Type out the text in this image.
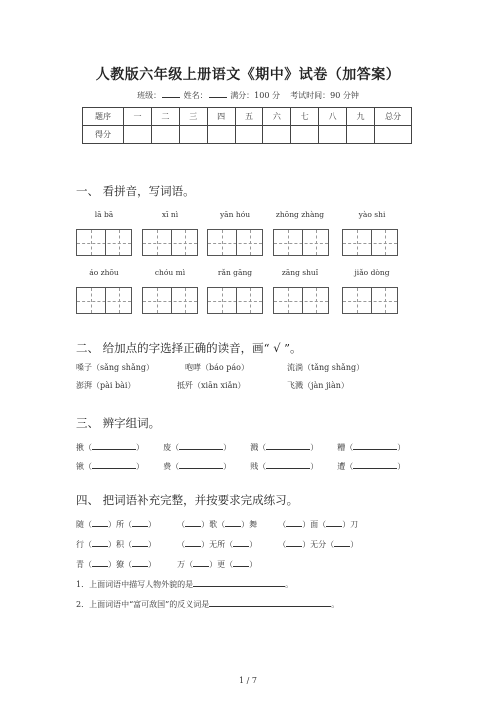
人教版六年级上册语文《期中》试卷（加答案）
班级：	姓名：	满分：100 分 考试时间：90 分钟
题序	一	二	三	四	五	六	七	八	九	总分
得分										
一、 看拼音，写词语。
lā bā	xī nì	yān hóu	zhōng zhàng	yào shi
áo zhōu	chóu mì	rǎn gāng	zāng shuǐ	jiǎo dòng
二、 给加点的字选择正确的读音，画“ √ ”。
嗓子（sǎng shǎng）	咆哮（báo páo）	流淌（tǎng shǎng）
澎湃（pài bài）	抵歼（xiān xiǎn）	飞溅（jàn jiàn）
三、 辨字组词。
揪（	） 废（	） 溅（	） 糟（	）
锹（	） 费（	） 贱（	） 遭（	）
四、 把词语补充完整，并按要求完成练习。
随（ ）所（ ）	（ ）歌（ ）舞	（ ）面（ ）刀
行（ ）积（ ）	（ ）无所（ ）	（ ）无分（ ）
青（ ）獠（ ）	万（ ）更（ ）
1．上面词语中描写人物外貌的是	。
2．上面词语中“富可敌国”的反义词是	。
1 / 7
